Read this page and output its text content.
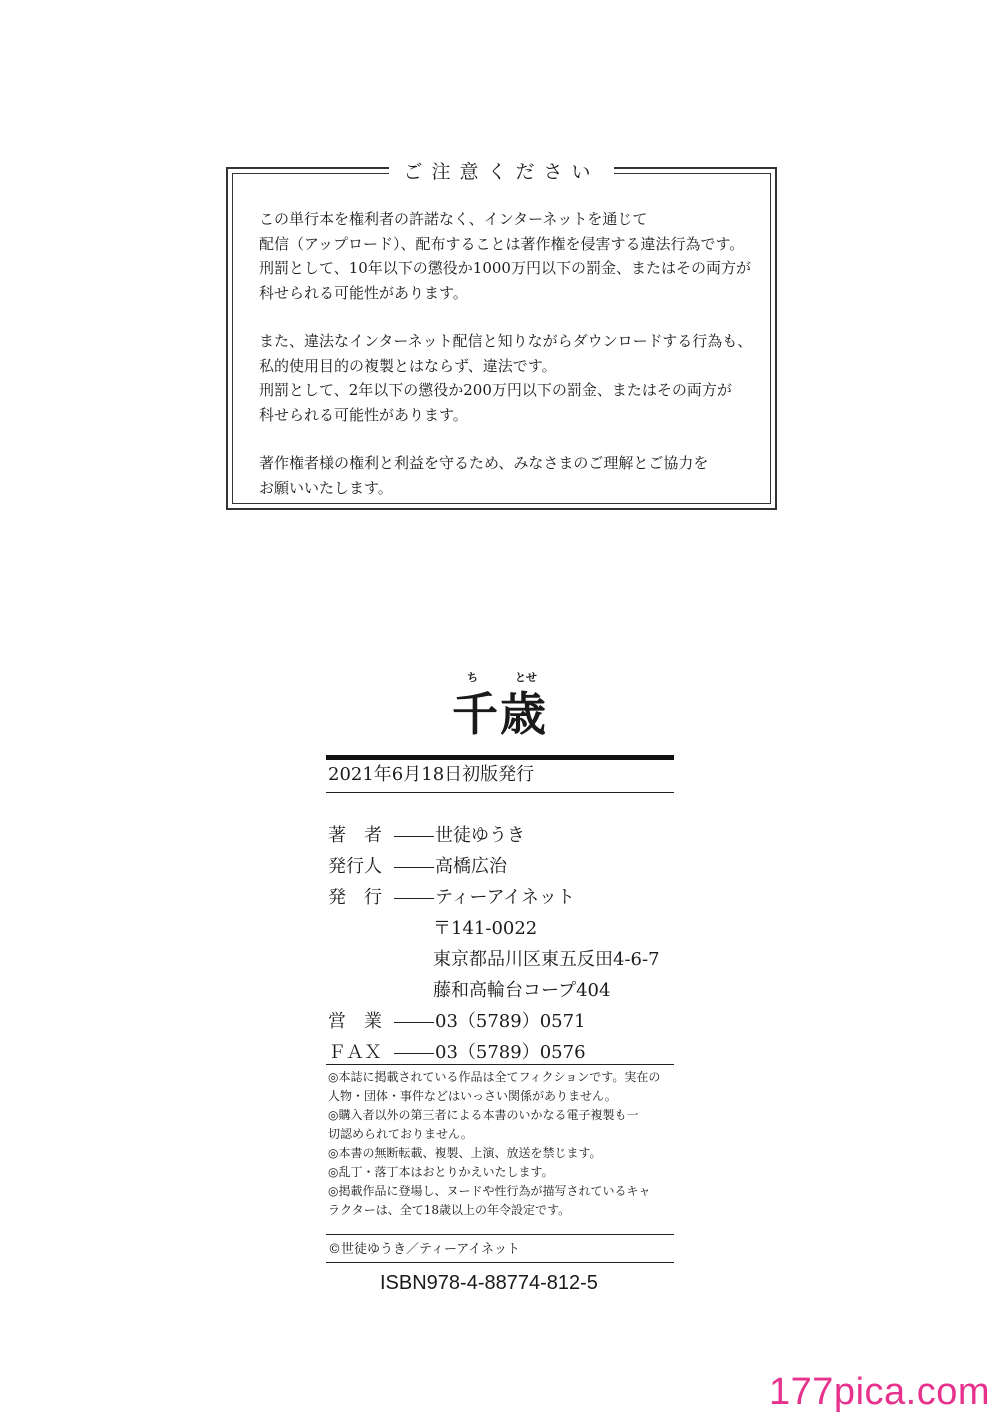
ご注意ください
この単行本を権利者の許諾なく、インターネットを通じて
配信（アップロード）、配布することは著作権を侵害する違法行為です。
刑罰として、10年以下の懲役か1000万円以下の罰金、またはその両方が
科せられる可能性があります。
また、違法なインターネット配信と知りながらダウンロードする行為も、
私的使用目的の複製とはならず、違法です。
刑罰として、2年以下の懲役か200万円以下の罰金、またはその両方が
科せられる可能性があります。
著作権者様の権利と利益を守るため、みなさまのご理解とご協力を
お願いいたします。
ち	とせ
千歳
2021年6月18日初版発行
著　者	世徒ゆうき
発行人	高橋広治
発　行	ティーアイネット
〒141-0022
東京都品川区東五反田4-6-7
藤和高輪台コープ404
営　業	03（5789）0571
ＦＡＸ	03（5789）0576
◎本誌に掲載されている作品は全てフィクションです。実在の
人物・団体・事件などはいっさい関係がありません。
◎購入者以外の第三者による本書のいかなる電子複製も一
切認められておりません。
◎本書の無断転載、複製、上演、放送を禁じます。
◎乱丁・落丁本はおとりかえいたします。
◎掲載作品に登場し、ヌードや性行為が描写されているキャ
ラクターは、全て18歳以上の年令設定です。
©世徒ゆうき／ティーアイネット
ISBN978-4-88774-812-5
177pica.com
